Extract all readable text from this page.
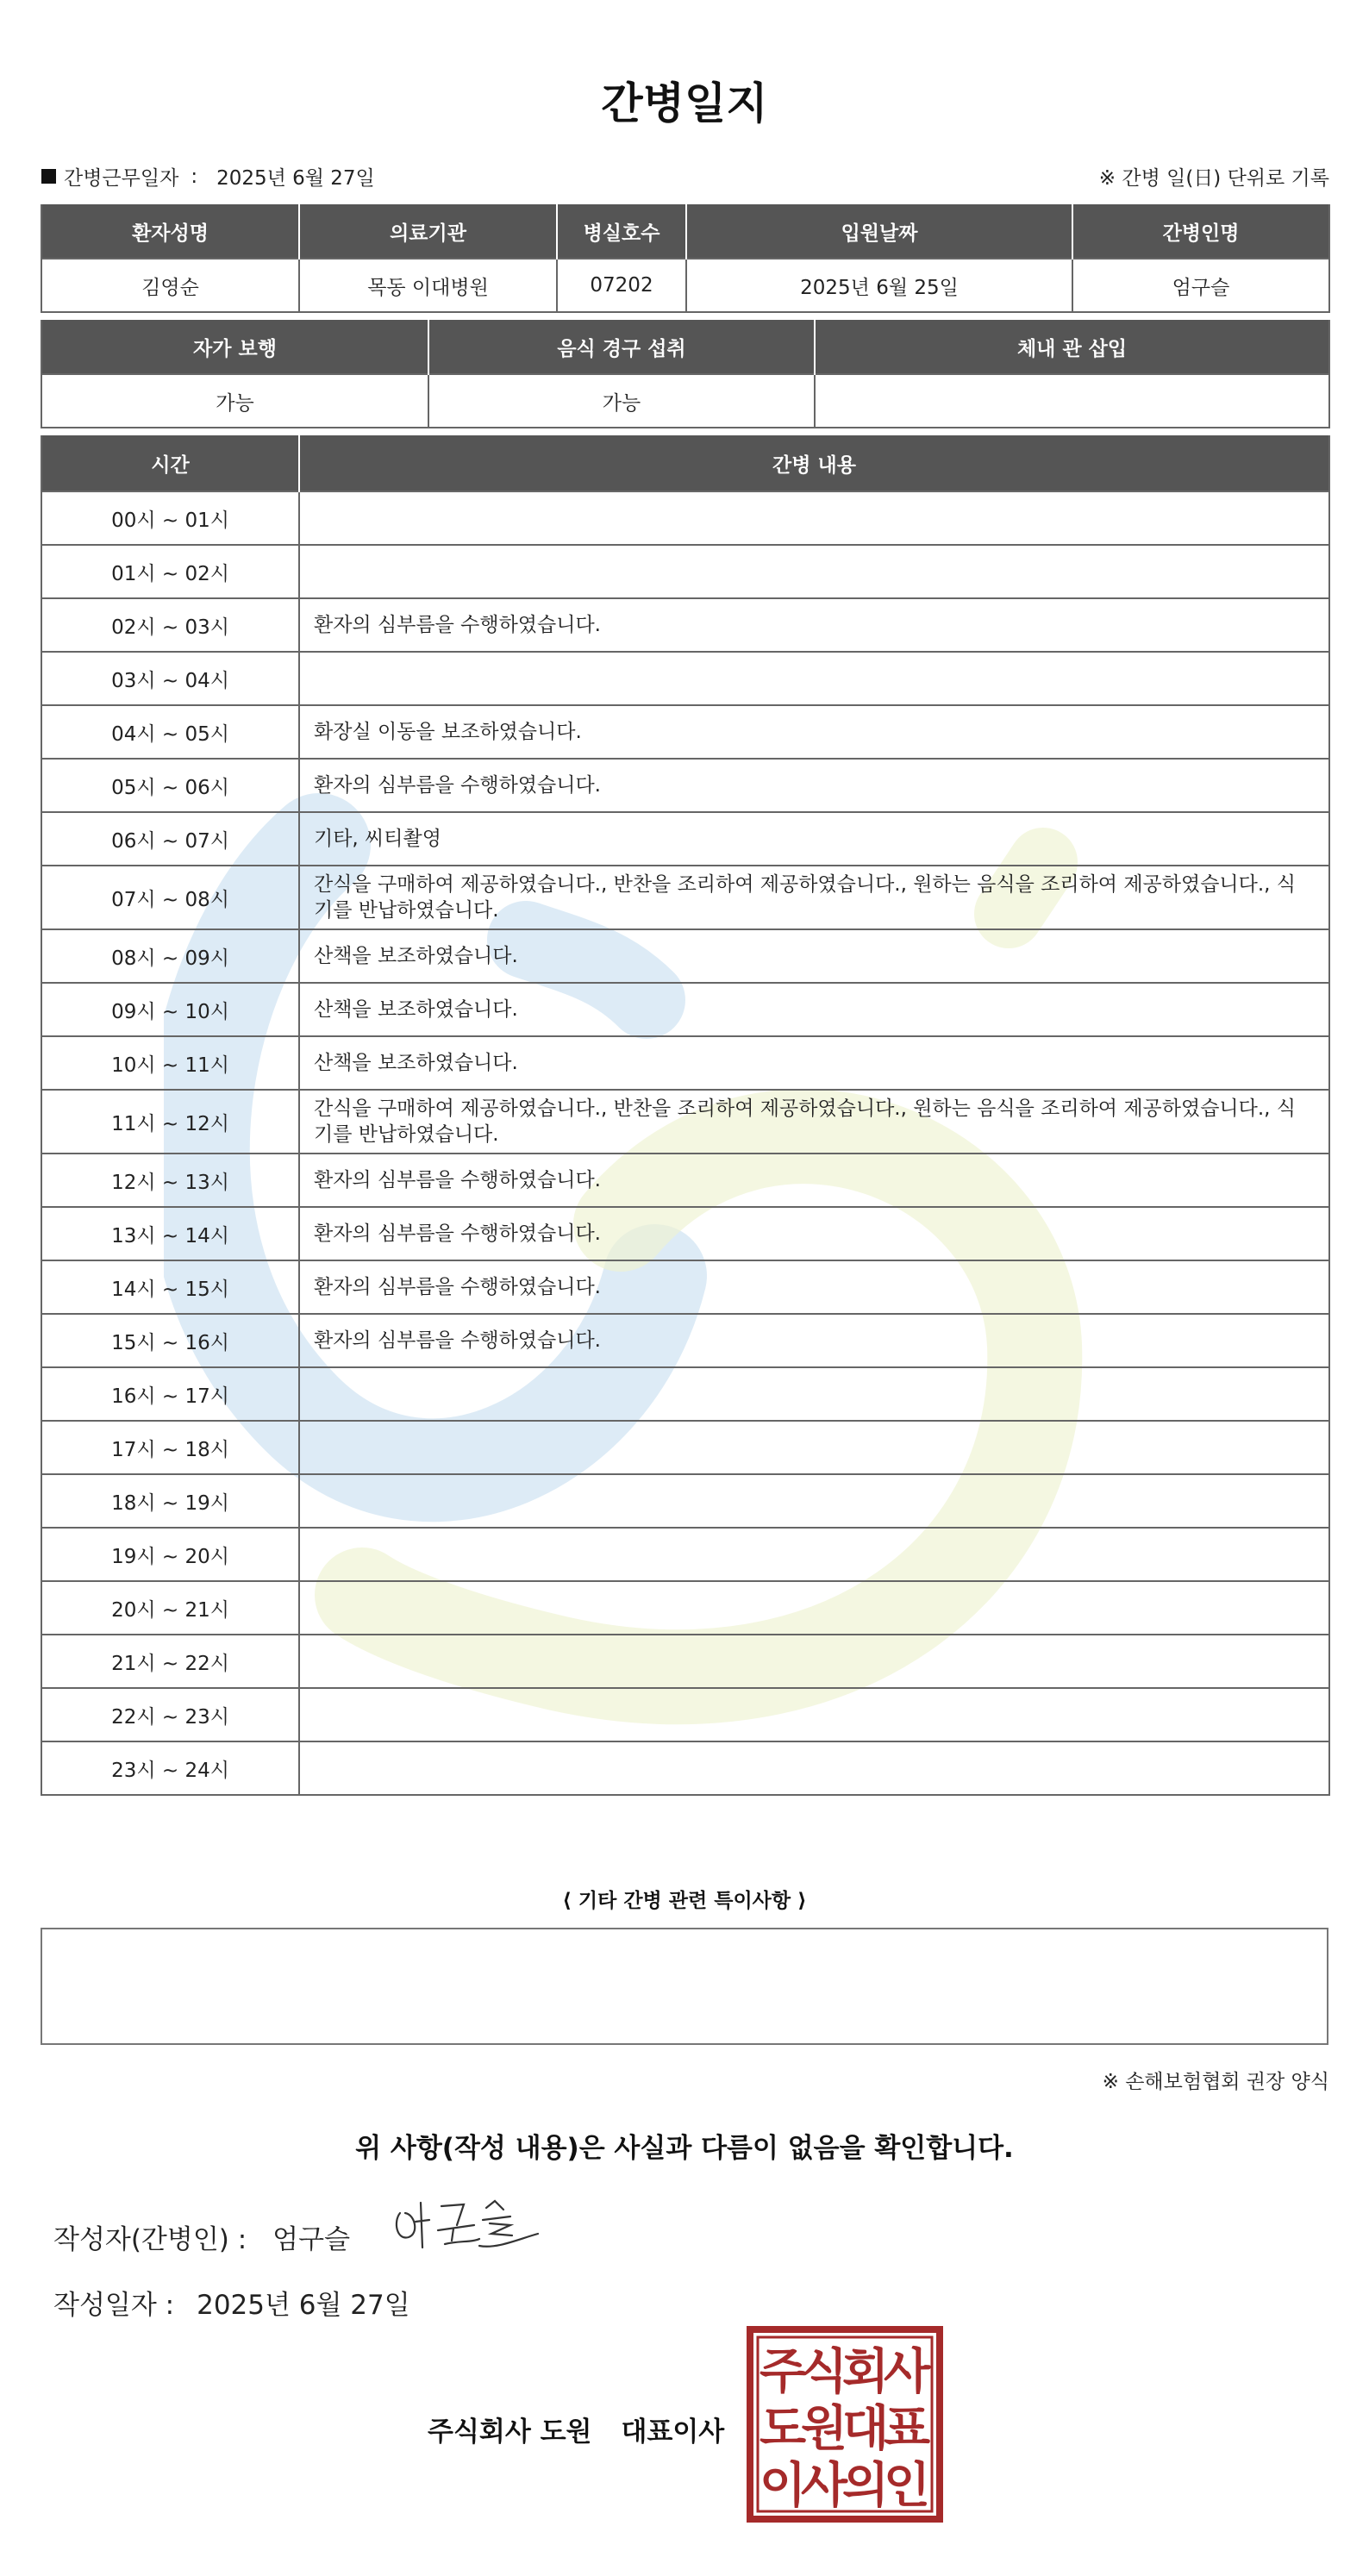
간병일지
간병근무일자 : 2025년 6월 27일	※ 간병 일(日) 단위로 기록
환자성명	의료기관	병실호수	입원날짜	간병인명
김영순	목동 이대병원	07202	2025년 6월 25일	엄구슬
자가 보행	음식 경구 섭취	체내 관 삽입
가능	가능	
시간	간병 내용
00시 ~ 01시	
01시 ~ 02시	
02시 ~ 03시	환자의 심부름을 수행하였습니다.
03시 ~ 04시	
04시 ~ 05시	화장실 이동을 보조하였습니다.
05시 ~ 06시	환자의 심부름을 수행하였습니다.
06시 ~ 07시	기타, 씨티촬영
07시 ~ 08시	간식을 구매하여 제공하였습니다., 반찬을 조리하여 제공하였습니다., 원하는 음식을 조리하여 제공하였습니다., 식기를 반납하였습니다.
08시 ~ 09시	산책을 보조하였습니다.
09시 ~ 10시	산책을 보조하였습니다.
10시 ~ 11시	산책을 보조하였습니다.
11시 ~ 12시	간식을 구매하여 제공하였습니다., 반찬을 조리하여 제공하였습니다., 원하는 음식을 조리하여 제공하였습니다., 식기를 반납하였습니다.
12시 ~ 13시	환자의 심부름을 수행하였습니다.
13시 ~ 14시	환자의 심부름을 수행하였습니다.
14시 ~ 15시	환자의 심부름을 수행하였습니다.
15시 ~ 16시	환자의 심부름을 수행하였습니다.
16시 ~ 17시	
17시 ~ 18시	
18시 ~ 19시	
19시 ~ 20시	
20시 ~ 21시	
21시 ~ 22시	
22시 ~ 23시	
23시 ~ 24시	
⟨ 기타 간병 관련 특이사항 ⟩
※ 손해보험협회 권장 양식
위 사항(작성 내용)은 사실과 다름이 없음을 확인합니다.
작성자(간병인) : 엄구슬
작성일자 : 2025년 6월 27일
주식회사 도원 대표이사
주
식
회
사
도
원
대
표
이
사
의
인
